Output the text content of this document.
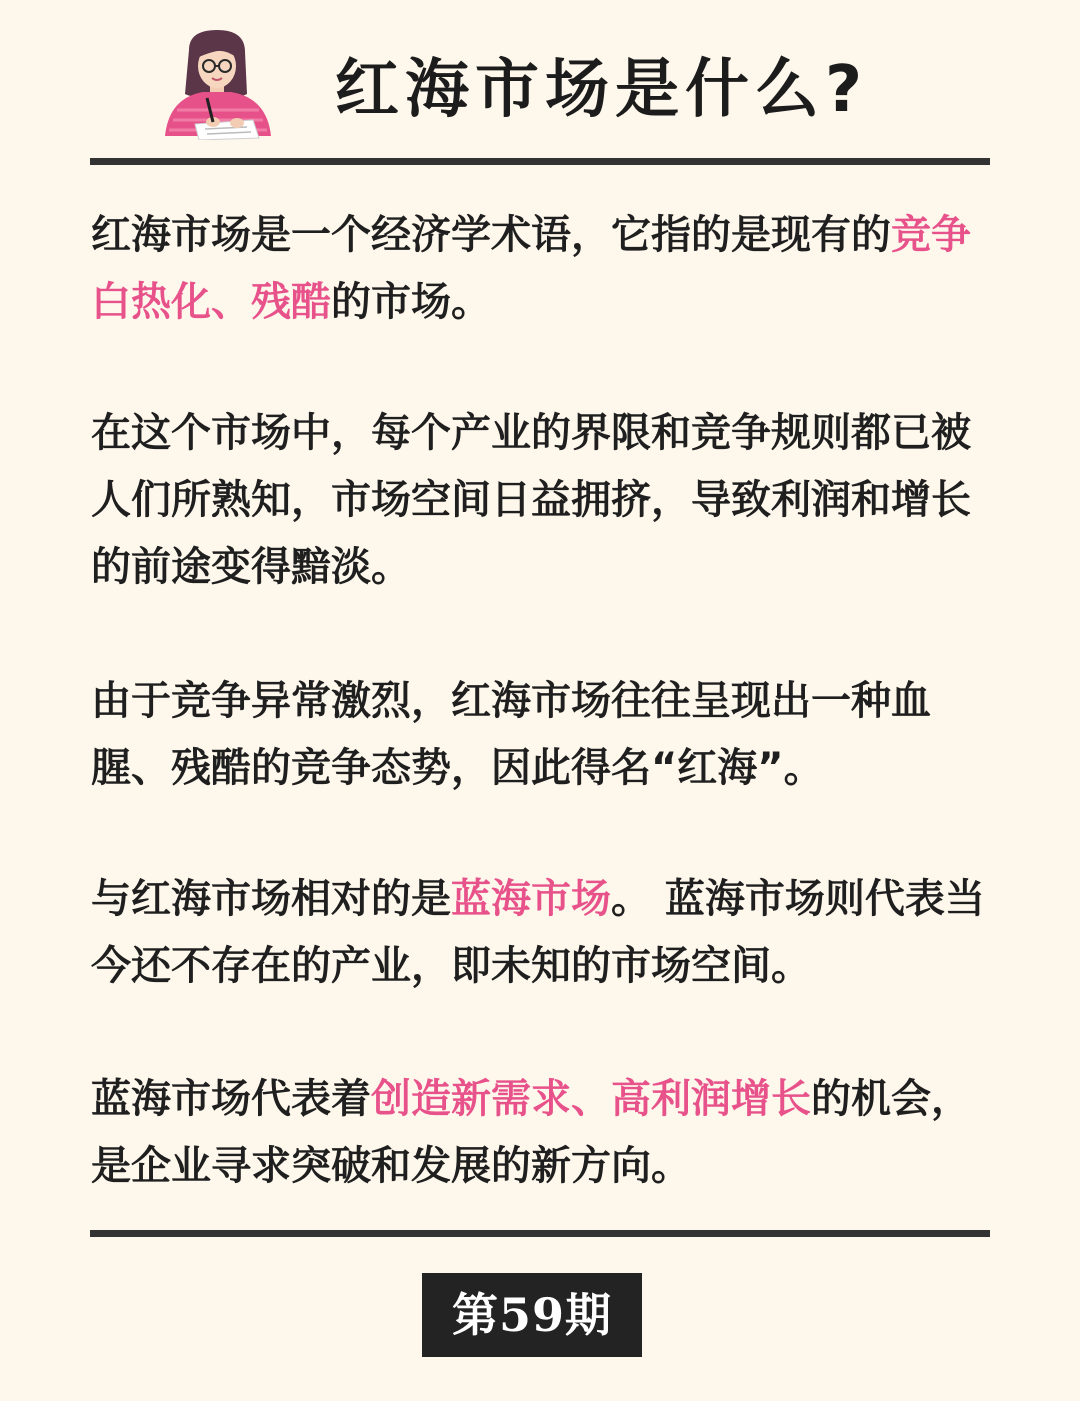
红海市场是什么?

红海市场是一个经济学术语，它指的是现有的竞争白热化、残酷的市场。

在这个市场中，每个产业的界限和竞争规则都已被人们所熟知，市场空间日益拥挤，导致利润和增长的前途变得黯淡。

由于竞争异常激烈，红海市场往往呈现出一种血腥、残酷的竞争态势，因此得名“红海”。

与红海市场相对的是蓝海市场。 蓝海市场则代表当今还不存在的产业，即未知的市场空间。

蓝海市场代表着创造新需求、高利润增长的机会，是企业寻求突破和发展的新方向。

第59期
